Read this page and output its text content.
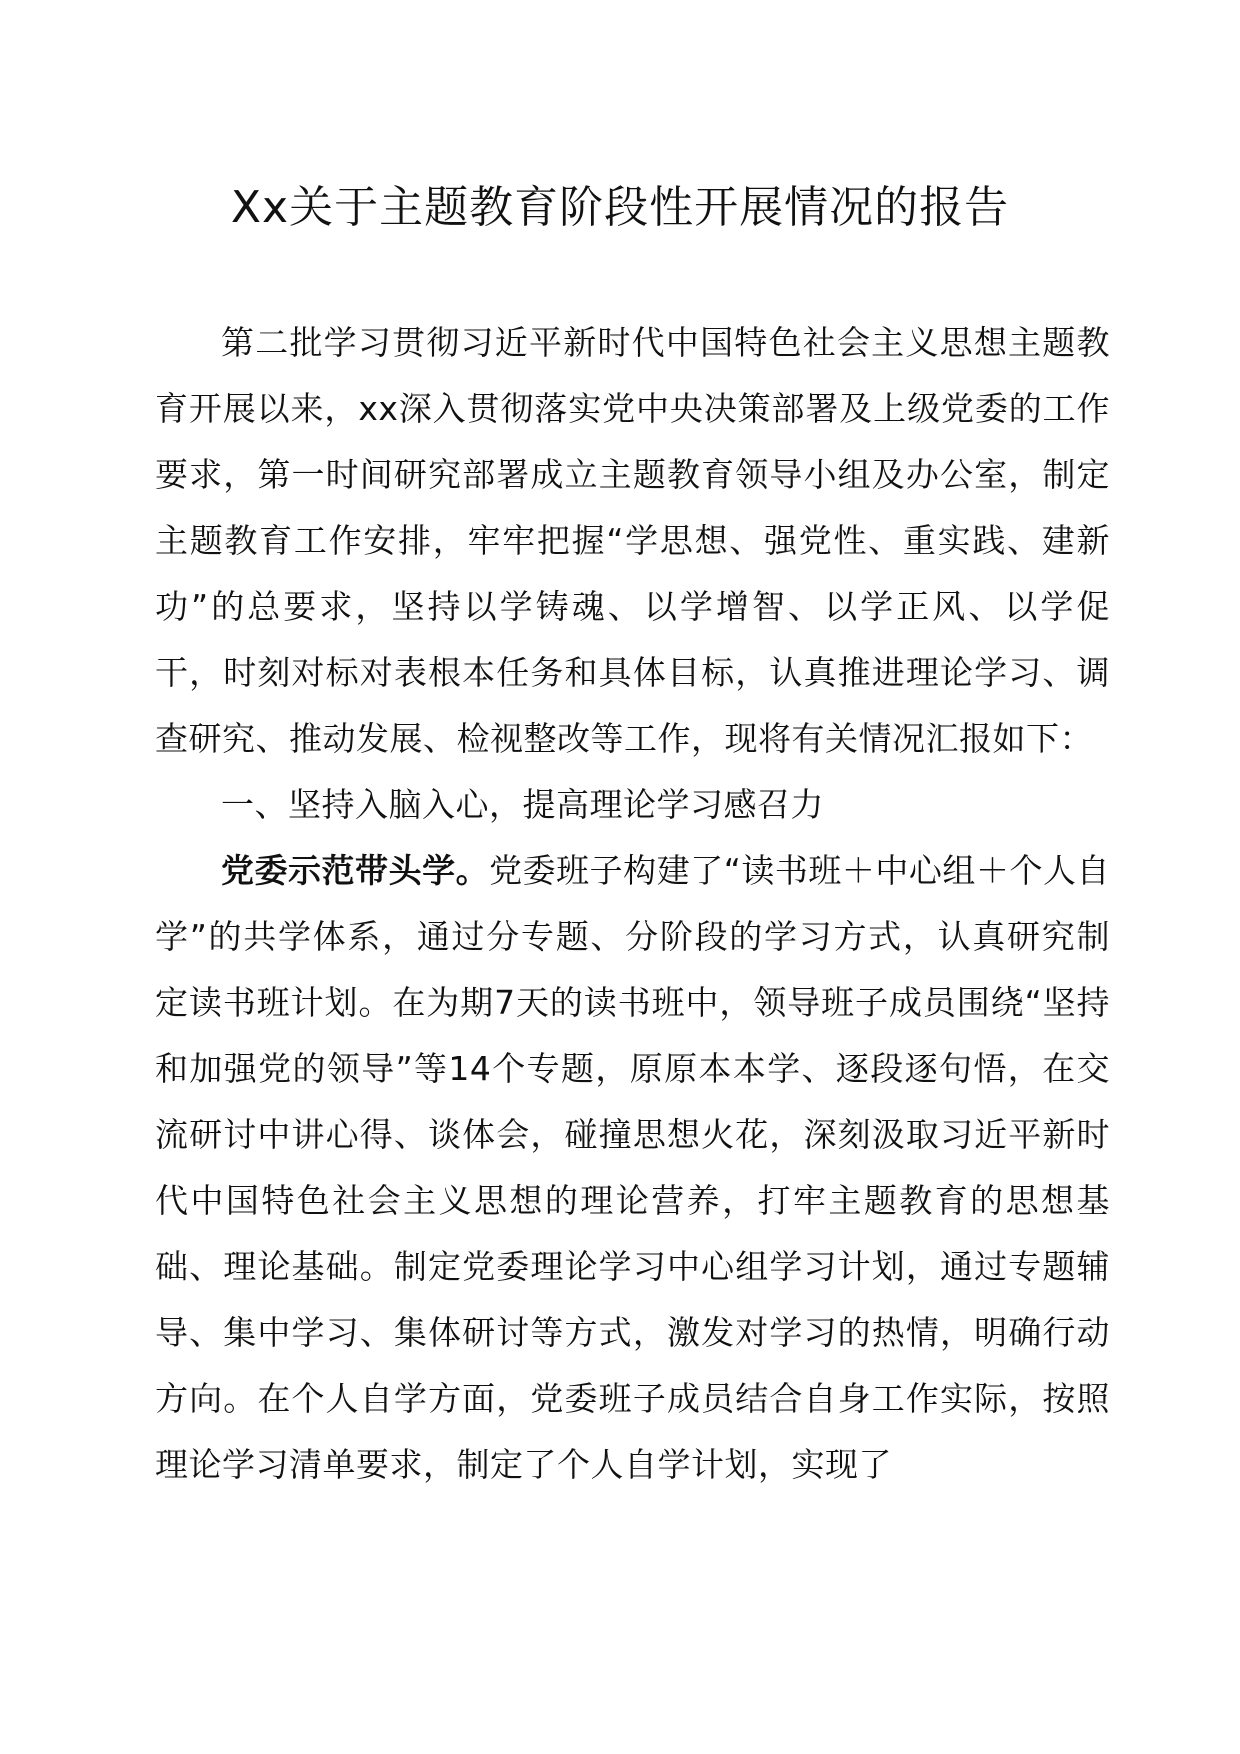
Xx关于主题教育阶段性开展情况的报告

第二批学习贯彻习近平新时代中国特色社会主义思想主题教育开展以来，xx深入贯彻落实党中央决策部署及上级党委的工作要求，第一时间研究部署成立主题教育领导小组及办公室，制定主题教育工作安排，牢牢把握“学思想、强党性、重实践、建新功”的总要求，坚持以学铸魂、以学增智、以学正风、以学促干，时刻对标对表根本任务和具体目标，认真推进理论学习、调查研究、推动发展、检视整改等工作，现将有关情况汇报如下：

一、坚持入脑入心，提高理论学习感召力

党委示范带头学。党委班子构建了“读书班＋中心组＋个人自学”的共学体系，通过分专题、分阶段的学习方式，认真研究制定读书班计划。在为期7天的读书班中，领导班子成员围绕“坚持和加强党的领导”等14个专题，原原本本学、逐段逐句悟，在交流研讨中讲心得、谈体会，碰撞思想火花，深刻汲取习近平新时代中国特色社会主义思想的理论营养，打牢主题教育的思想基础、理论基础。制定党委理论学习中心组学习计划，通过专题辅导、集中学习、集体研讨等方式，激发对学习的热情，明确行动方向。在个人自学方面，党委班子成员结合自身工作实际，按照理论学习清单要求，制定了个人自学计划，实现了
